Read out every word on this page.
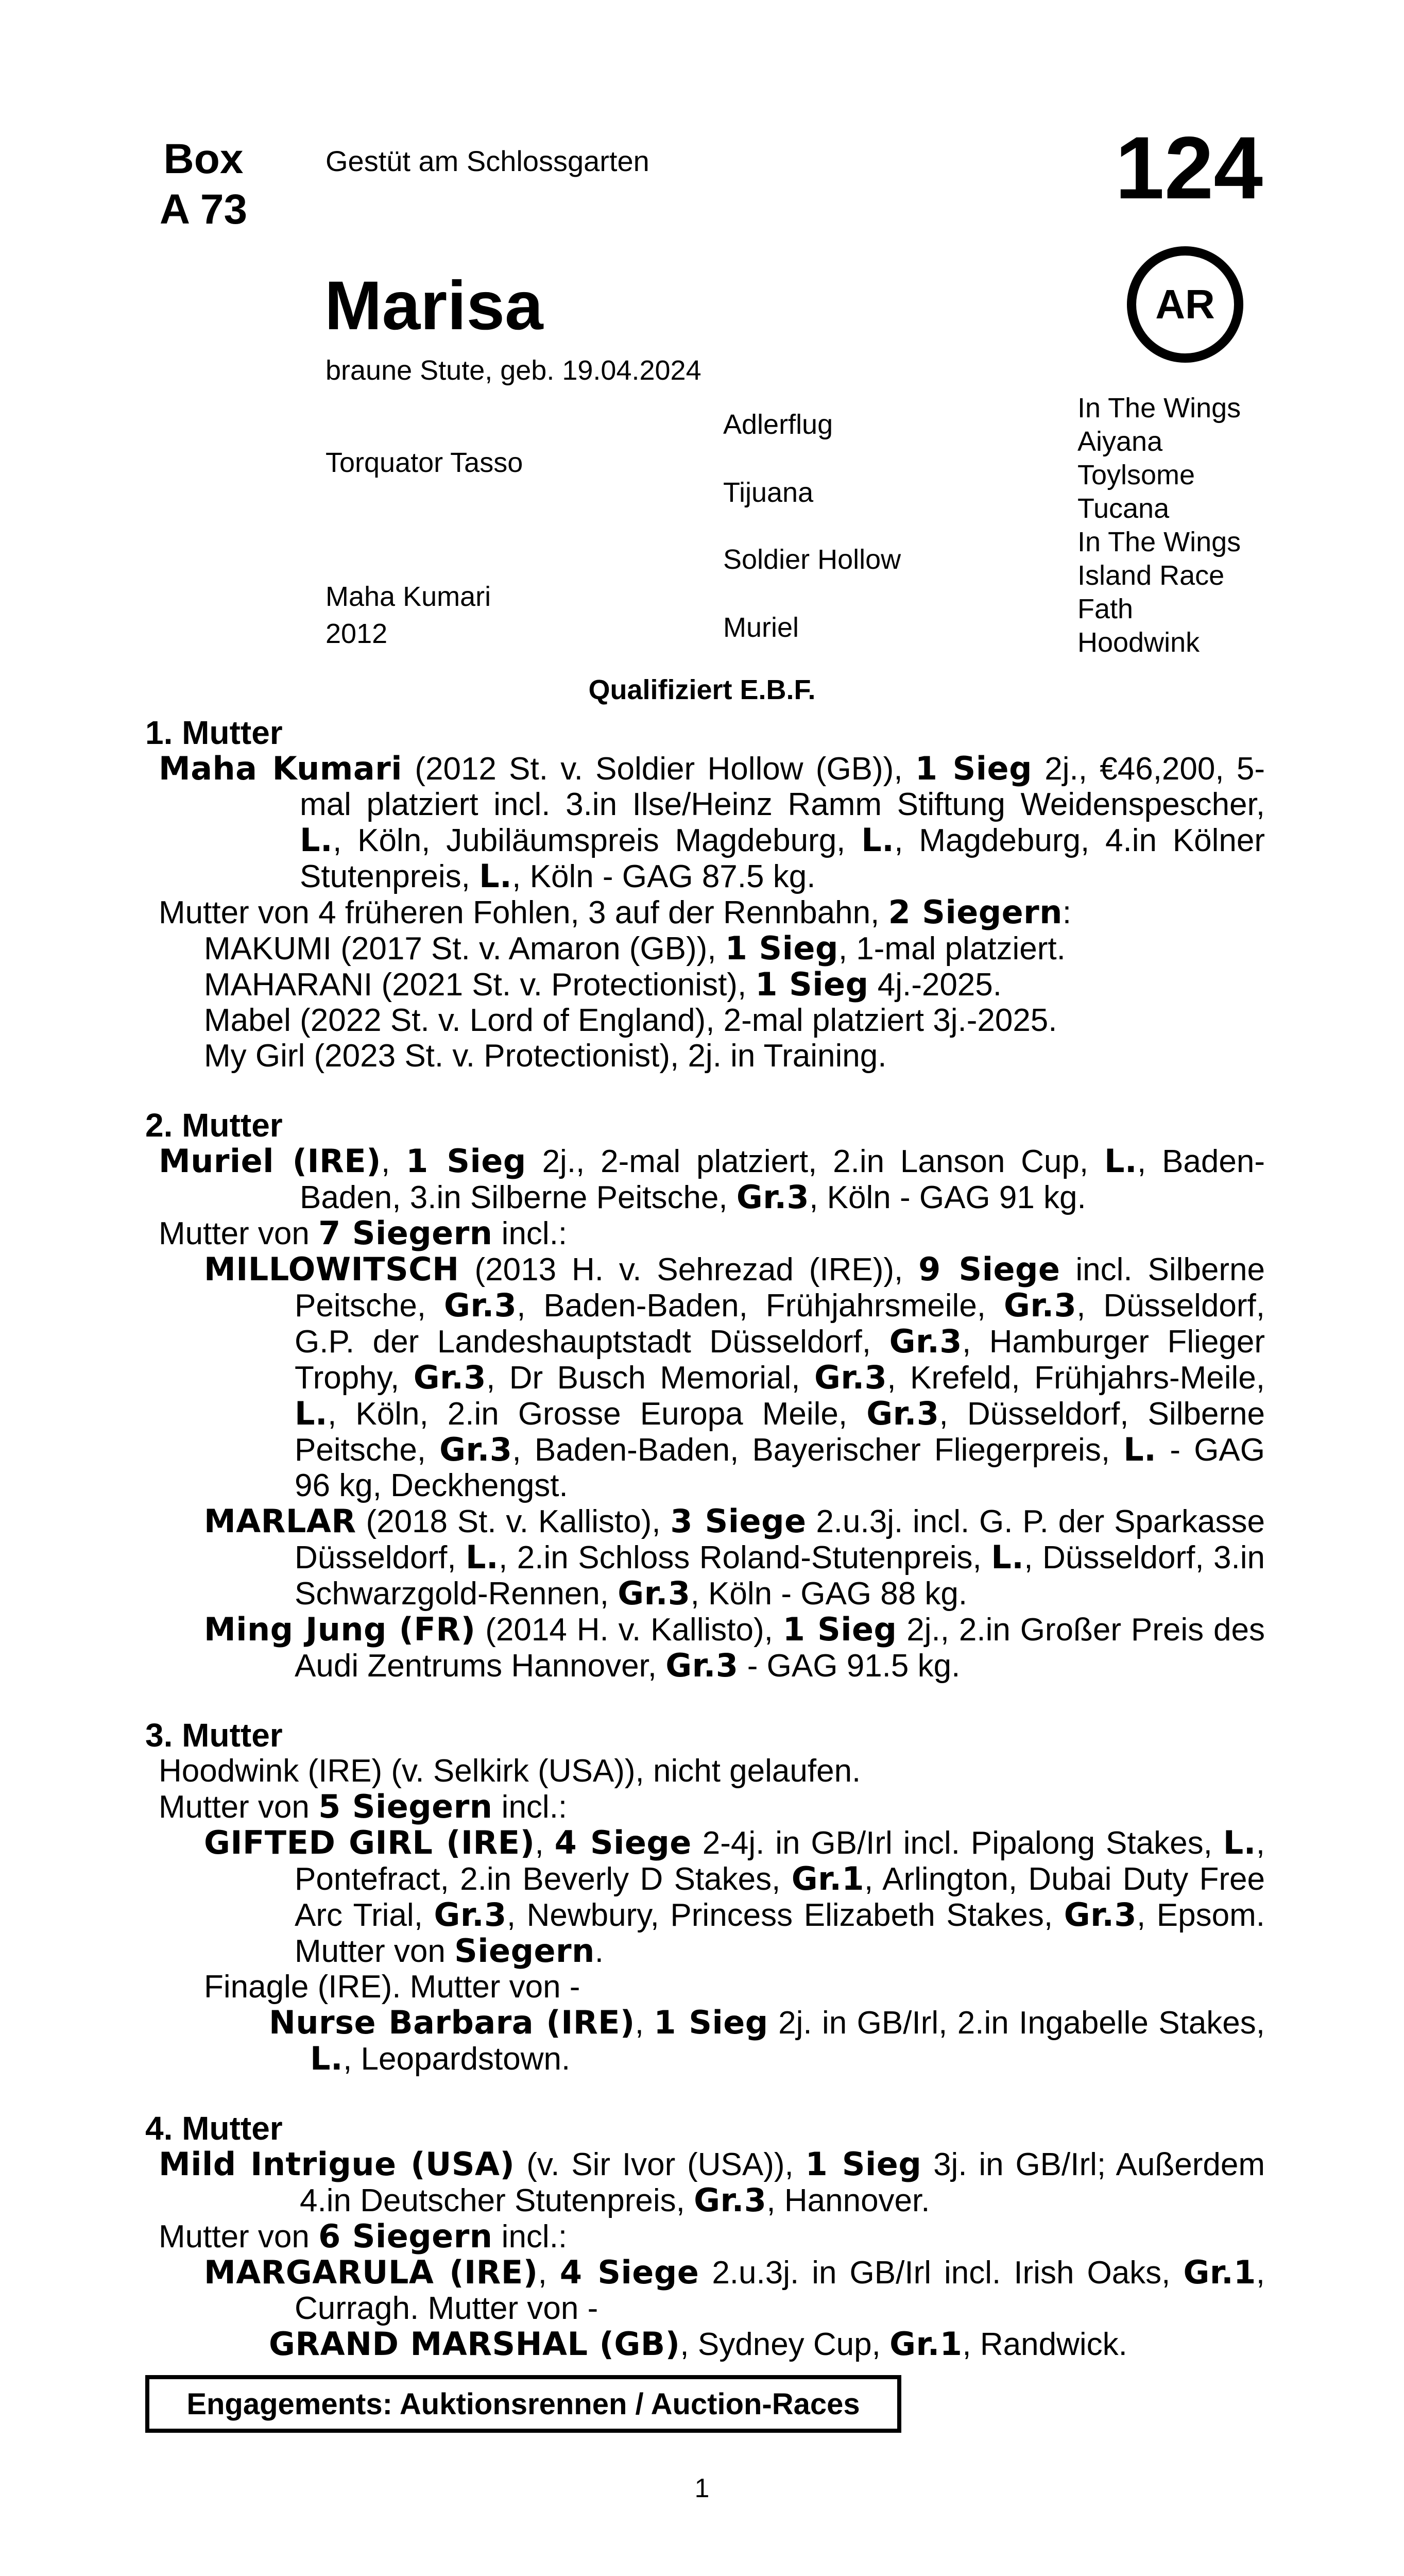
Box
A 73
Gestüt am Schlossgarten	124
AR
Marisa
braune Stute, geb. 19.04.2024
Torquator Tasso
Maha Kumari
2012
Adlerflug
Tijuana
Soldier Hollow
Muriel
In The Wings
Aiyana
Toylsome
Tucana
In The Wings
Island Race
Fath
Hoodwink
Qualifiziert E.B.F.

1. Mutter

Maha Kumari (2012 St. v. Soldier Hollow (GB)), 1 Sieg 2j., €46,200, 5-mal platziert incl. 3.in Ilse/Heinz Ramm Stiftung Weidenspescher, L., Köln, Jubiläumspreis Magdeburg, L., Magdeburg, 4.in Kölner Stutenpreis, L., Köln - GAG 87.5 kg.

Mutter von 4 früheren Fohlen, 3 auf der Rennbahn, 2 Siegern:

MAKUMI (2017 St. v. Amaron (GB)), 1 Sieg, 1-mal platziert.

MAHARANI (2021 St. v. Protectionist), 1 Sieg 4j.-2025.

Mabel (2022 St. v. Lord of England), 2-mal platziert 3j.-2025.

My Girl (2023 St. v. Protectionist), 2j. in Training.

2. Mutter

Muriel (IRE), 1 Sieg 2j., 2-mal platziert, 2.in Lanson Cup, L., Baden-Baden, 3.in Silberne Peitsche, Gr.3, Köln - GAG 91 kg.

Mutter von 7 Siegern incl.:

MILLOWITSCH (2013 H. v. Sehrezad (IRE)), 9 Siege incl. Silberne Peitsche, Gr.3, Baden-Baden, Frühjahrsmeile, Gr.3, Düsseldorf, G.P. der Landeshauptstadt Düsseldorf, Gr.3, Hamburger Flieger Trophy, Gr.3, Dr Busch Memorial, Gr.3, Krefeld, Frühjahrs-Meile, L., Köln, 2.in Grosse Europa Meile, Gr.3, Düsseldorf, Silberne Peitsche, Gr.3, Baden-Baden, Bayerischer Fliegerpreis, L. - GAG 96 kg, Deckhengst.

MARLAR (2018 St. v. Kallisto), 3 Siege 2.u.3j. incl. G. P. der Sparkasse Düsseldorf, L., 2.in Schloss Roland-Stutenpreis, L., Düsseldorf, 3.in Schwarzgold-Rennen, Gr.3, Köln - GAG 88 kg.

Ming Jung (FR) (2014 H. v. Kallisto), 1 Sieg 2j., 2.in Großer Preis des Audi Zentrums Hannover, Gr.3 - GAG 91.5 kg.

3. Mutter

Hoodwink (IRE) (v. Selkirk (USA)), nicht gelaufen.

Mutter von 5 Siegern incl.:

GIFTED GIRL (IRE), 4 Siege 2-4j. in GB/Irl incl. Pipalong Stakes, L., Pontefract, 2.in Beverly D Stakes, Gr.1, Arlington, Dubai Duty Free Arc Trial, Gr.3, Newbury, Princess Elizabeth Stakes, Gr.3, Epsom. Mutter von Siegern.

Finagle (IRE). Mutter von -

Nurse Barbara (IRE), 1 Sieg 2j. in GB/Irl, 2.in Ingabelle Stakes, L., Leopardstown.

4. Mutter

Mild Intrigue (USA) (v. Sir Ivor (USA)), 1 Sieg 3j. in GB/Irl; Außerdem 4.in Deutscher Stutenpreis, Gr.3, Hannover.

Mutter von 6 Siegern incl.:

MARGARULA (IRE), 4 Siege 2.u.3j. in GB/Irl incl. Irish Oaks, Gr.1, Curragh. Mutter von -

GRAND MARSHAL (GB), Sydney Cup, Gr.1, Randwick.

Engagements: Auktionsrennen / Auction-Races
1
